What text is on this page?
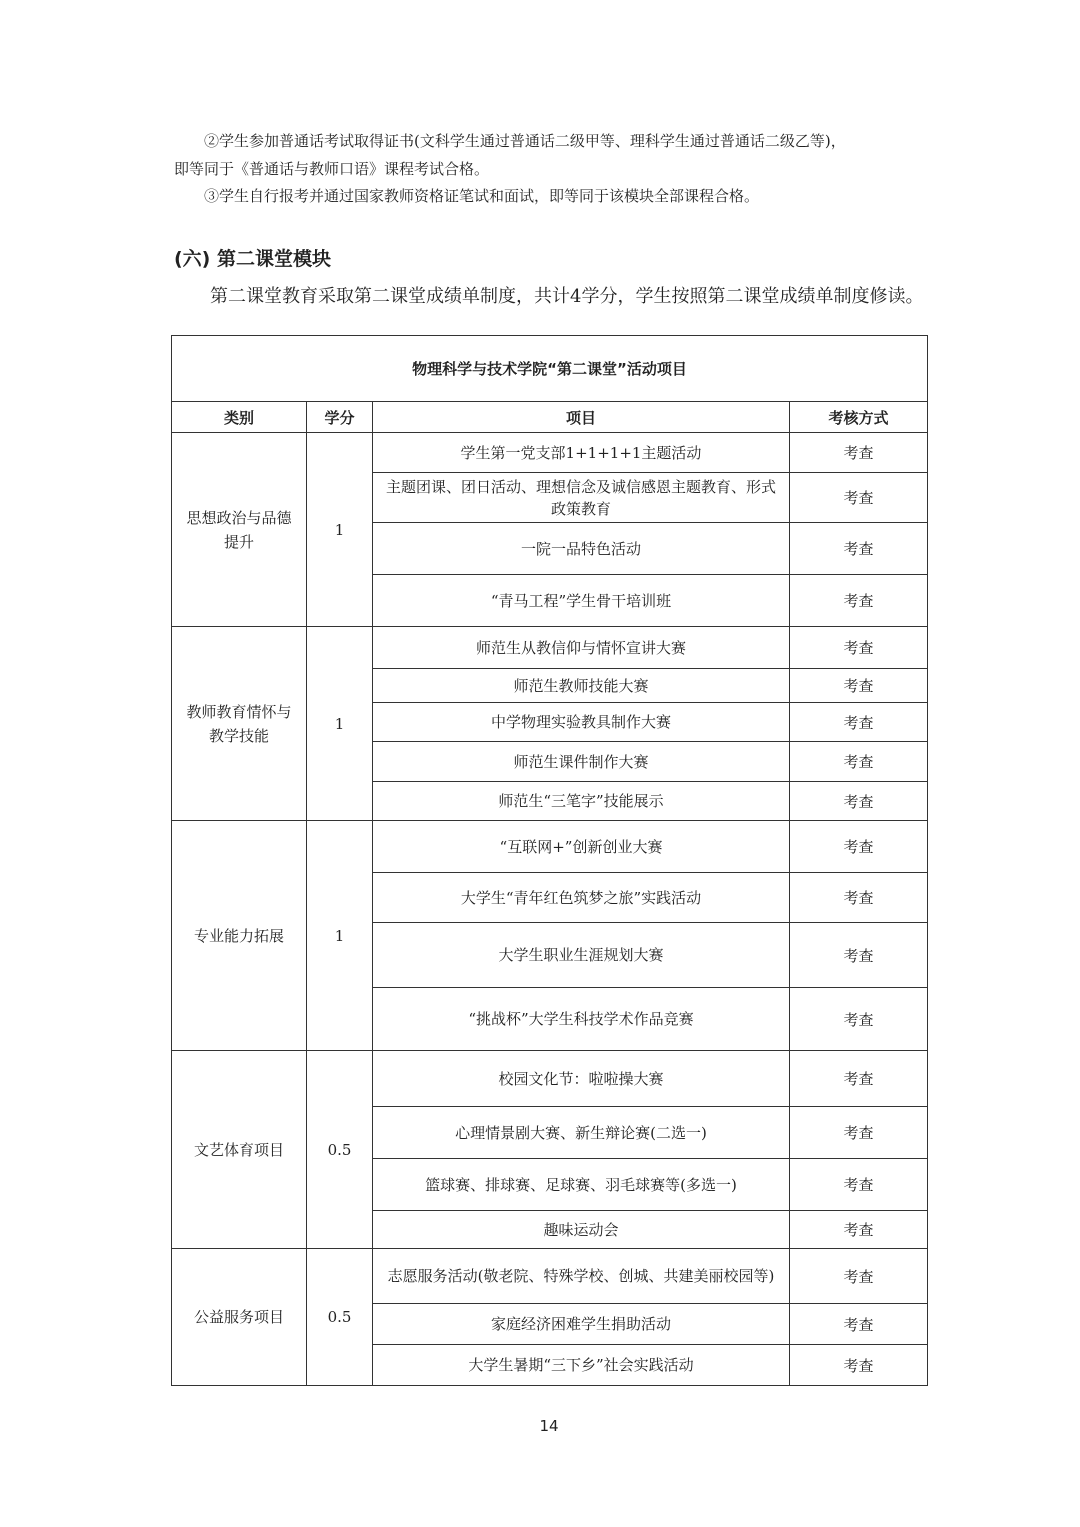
②学生参加普通话考试取得证书(文科学生通过普通话二级甲等、理科学生通过普通话二级乙等)，
即等同于《普通话与教师口语》课程考试合格。
③学生自行报考并通过国家教师资格证笔试和面试，即等同于该模块全部课程合格。
(六) 第二课堂模块
第二课堂教育采取第二课堂成绩单制度，共计4学分，学生按照第二课堂成绩单制度修读。
物理科学与技术学院“第二课堂”活动项目			
类别	学分	项目	考核方式
思想政治与品德提升	1	学生第一党支部1+1+1+1主题活动	考查
		主题团课、团日活动、理想信念及诚信感恩主题教育、形式政策教育	考查
		一院一品特色活动	考查
		“青马工程”学生骨干培训班	考查
教师教育情怀与教学技能	1	师范生从教信仰与情怀宣讲大赛	考查
		师范生教师技能大赛	考查
		中学物理实验教具制作大赛	考查
		师范生课件制作大赛	考查
		师范生“三笔字”技能展示	考查
专业能力拓展	1	“互联网+”创新创业大赛	考查
		大学生“青年红色筑梦之旅”实践活动	考查
		大学生职业生涯规划大赛	考查
		“挑战杯”大学生科技学术作品竞赛	考查
文艺体育项目	0.5	校园文化节：啦啦操大赛	考查
		心理情景剧大赛、新生辩论赛(二选一)	考查
		篮球赛、排球赛、足球赛、羽毛球赛等(多选一)	考查
		趣味运动会	考查
公益服务项目	0.5	志愿服务活动(敬老院、特殊学校、创城、共建美丽校园等)	考查
		家庭经济困难学生捐助活动	考查
		大学生暑期“三下乡”社会实践活动	考查
14
